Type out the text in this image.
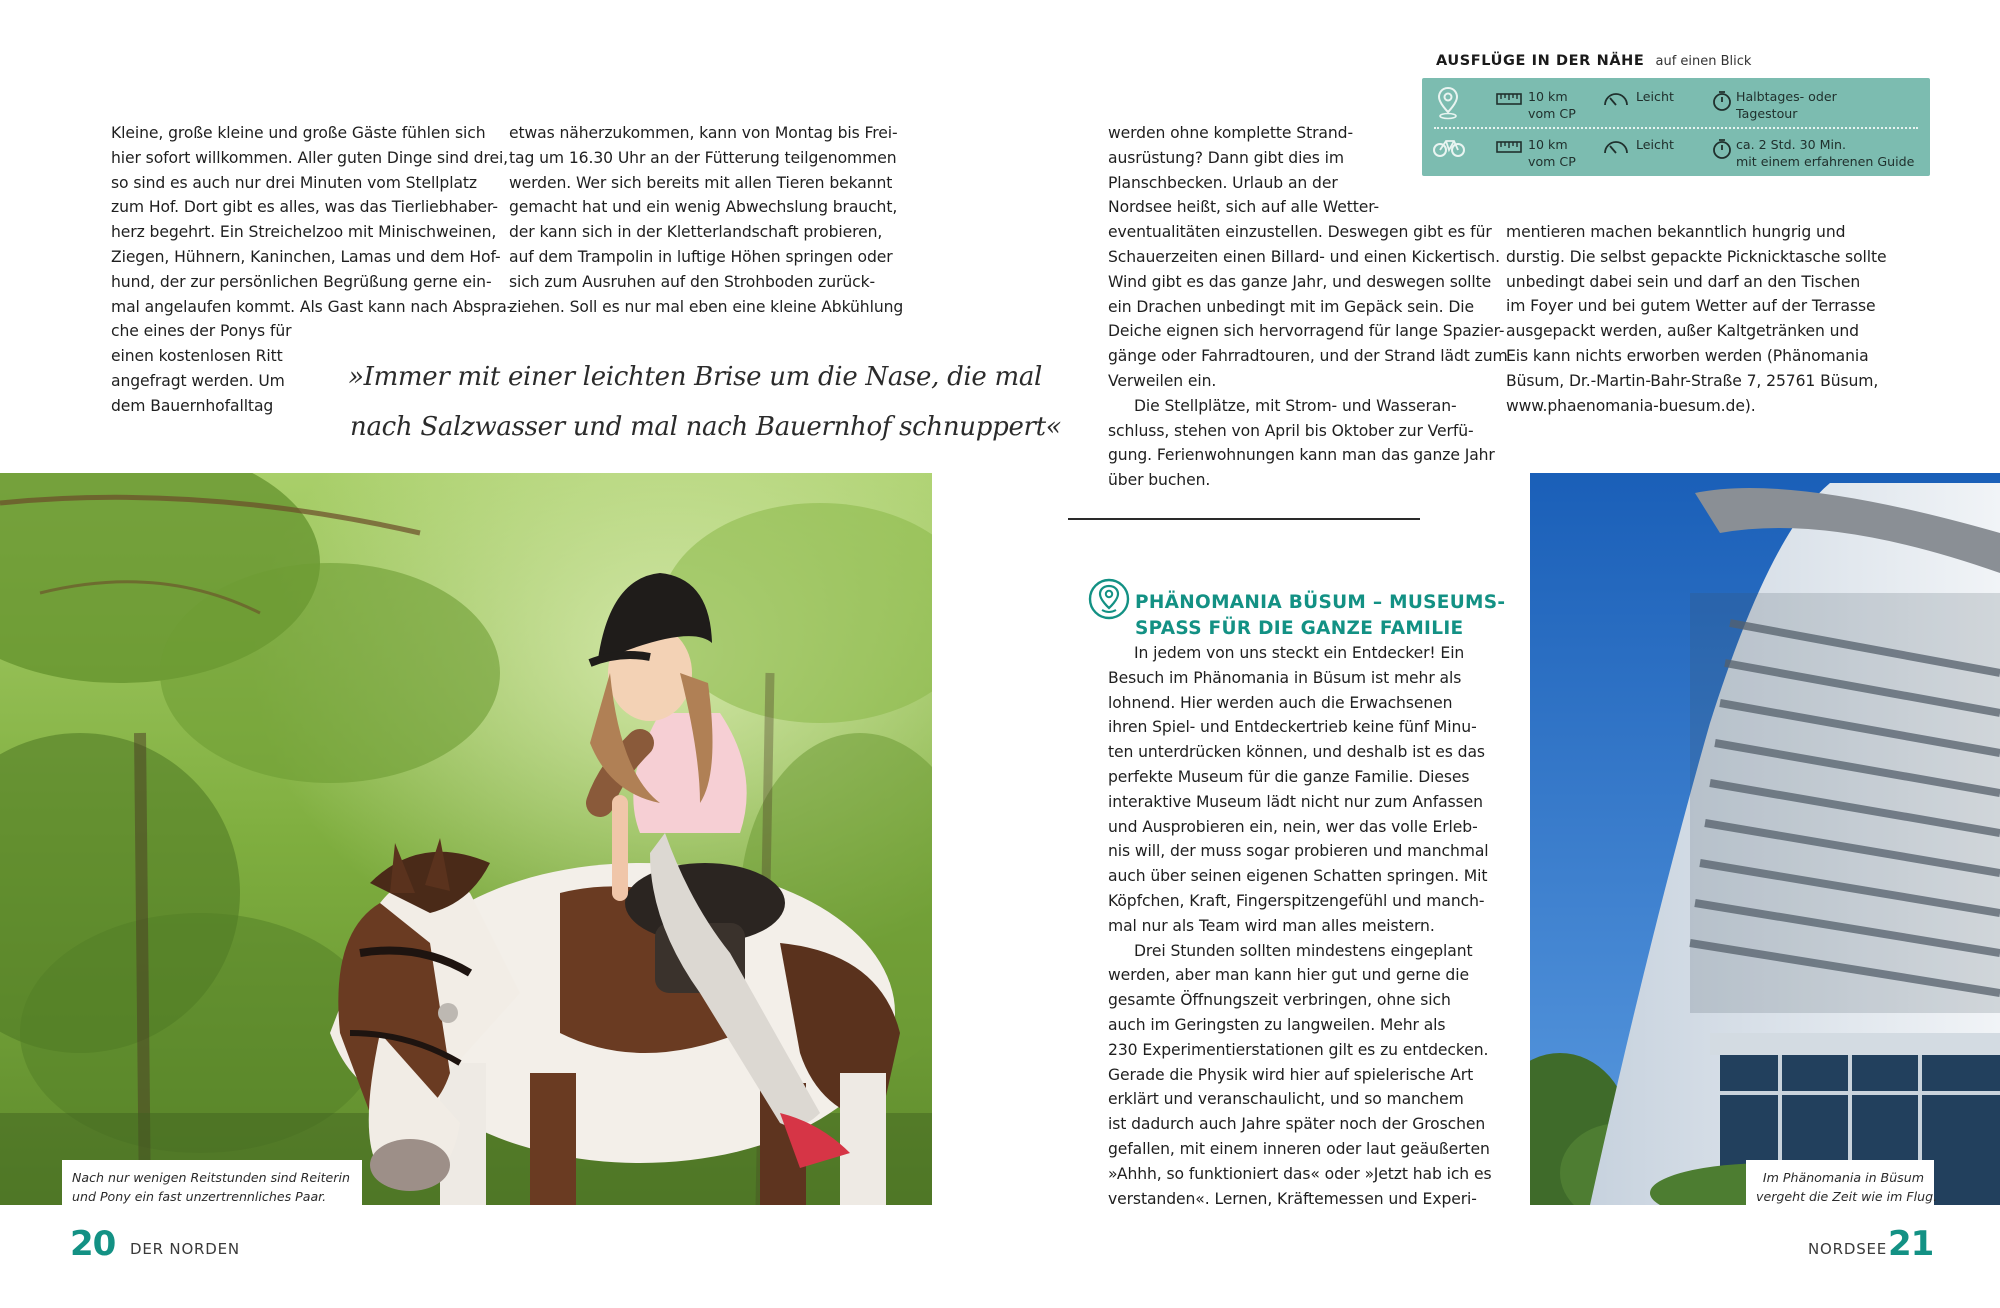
Kleine, große kleine und große Gäste fühlen sich
hier sofort willkommen. Aller guten Dinge sind drei,
so sind es auch nur drei Minuten vom Stellplatz
zum Hof. Dort gibt es alles, was das Tierliebhaber-
herz begehrt. Ein Streichelzoo mit Minischweinen,
Ziegen, Hühnern, Kaninchen, Lamas und dem Hof-
hund, der zur persönlichen Begrüßung gerne ein-
mal angelaufen kommt. Als Gast kann nach Abspra-
che eines der Ponys für
einen kostenlosen Ritt
angefragt werden. Um
dem Bauernhofalltag
etwas näherzukommen, kann von Montag bis Frei-
tag um 16.30 Uhr an der Fütterung teilgenommen
werden. Wer sich bereits mit allen Tieren bekannt
gemacht hat und ein wenig Abwechslung braucht,
der kann sich in der Kletterlandschaft probieren,
auf dem Trampolin in luftige Höhen springen oder
sich zum Ausruhen auf den Strohboden zurück-
ziehen. Soll es nur mal eben eine kleine Abkühlung
»Immer mit einer leichten Brise um die Nase, die mal
nach Salzwasser und mal nach Bauernhof schnuppert«
Nach nur wenigen Reitstunden sind Reiterin
und Pony ein fast unzertrennliches Paar.
20 DER NORDEN
AUSFLÜGE IN DER NÄHE auf einen Blick
10 km
vom CP
Leicht	Halbtages- oder
Tagestour
10 km
vom CP
Leicht	ca. 2 Std. 30 Min.
mit einem erfahrenen Guide
werden ohne komplette Strand-
ausrüstung? Dann gibt dies im
Planschbecken. Urlaub an der
Nordsee heißt, sich auf alle Wetter-
eventualitäten einzustellen. Deswegen gibt es für
Schauerzeiten einen Billard- und einen Kickertisch.
Wind gibt es das ganze Jahr, und deswegen sollte
ein Drachen unbedingt mit im Gepäck sein. Die
Deiche eignen sich hervorragend für lange Spazier-
gänge oder Fahrradtouren, und der Strand lädt zum
Verweilen ein.
Die Stellplätze, mit Strom- und Wasseran-
schluss, stehen von April bis Oktober zur Verfü-
gung. Ferienwohnungen kann man das ganze Jahr
über buchen.
mentieren machen bekanntlich hungrig und
durstig. Die selbst gepackte Picknicktasche sollte
unbedingt dabei sein und darf an den Tischen
im Foyer und bei gutem Wetter auf der Terrasse
ausgepackt werden, außer Kaltgetränken und
Eis kann nichts erworben werden (Phänomania
Büsum, Dr.-Martin-Bahr-Straße 7, 25761 Büsum,
www.phaenomania-buesum.de).
PHÄNOMANIA BÜSUM – MUSEUMS-
SPASS FÜR DIE GANZE FAMILIE
In jedem von uns steckt ein Entdecker! Ein
Besuch im Phänomania in Büsum ist mehr als
lohnend. Hier werden auch die Erwachsenen
ihren Spiel- und Entdeckertrieb keine fünf Minu-
ten unterdrücken können, und deshalb ist es das
perfekte Museum für die ganze Familie. Dieses
interaktive Museum lädt nicht nur zum Anfassen
und Ausprobieren ein, nein, wer das volle Erleb-
nis will, der muss sogar probieren und manchmal
auch über seinen eigenen Schatten springen. Mit
Köpfchen, Kraft, Fingerspitzengefühl und manch-
mal nur als Team wird man alles meistern.
Drei Stunden sollten mindestens eingeplant
werden, aber man kann hier gut und gerne die
gesamte Öffnungszeit verbringen, ohne sich
auch im Geringsten zu langweilen. Mehr als
230 Experimentierstationen gilt es zu entdecken.
Gerade die Physik wird hier auf spielerische Art
erklärt und veranschaulicht, und so manchem
ist dadurch auch Jahre später noch der Groschen
gefallen, mit einem inneren oder laut geäußerten
»Ahhh, so funktioniert das« oder »Jetzt hab ich es
verstanden«. Lernen, Kräftemessen und Experi-
Im Phänomania in Büsum
vergeht die Zeit wie im Flug.
NORDSEE 21
